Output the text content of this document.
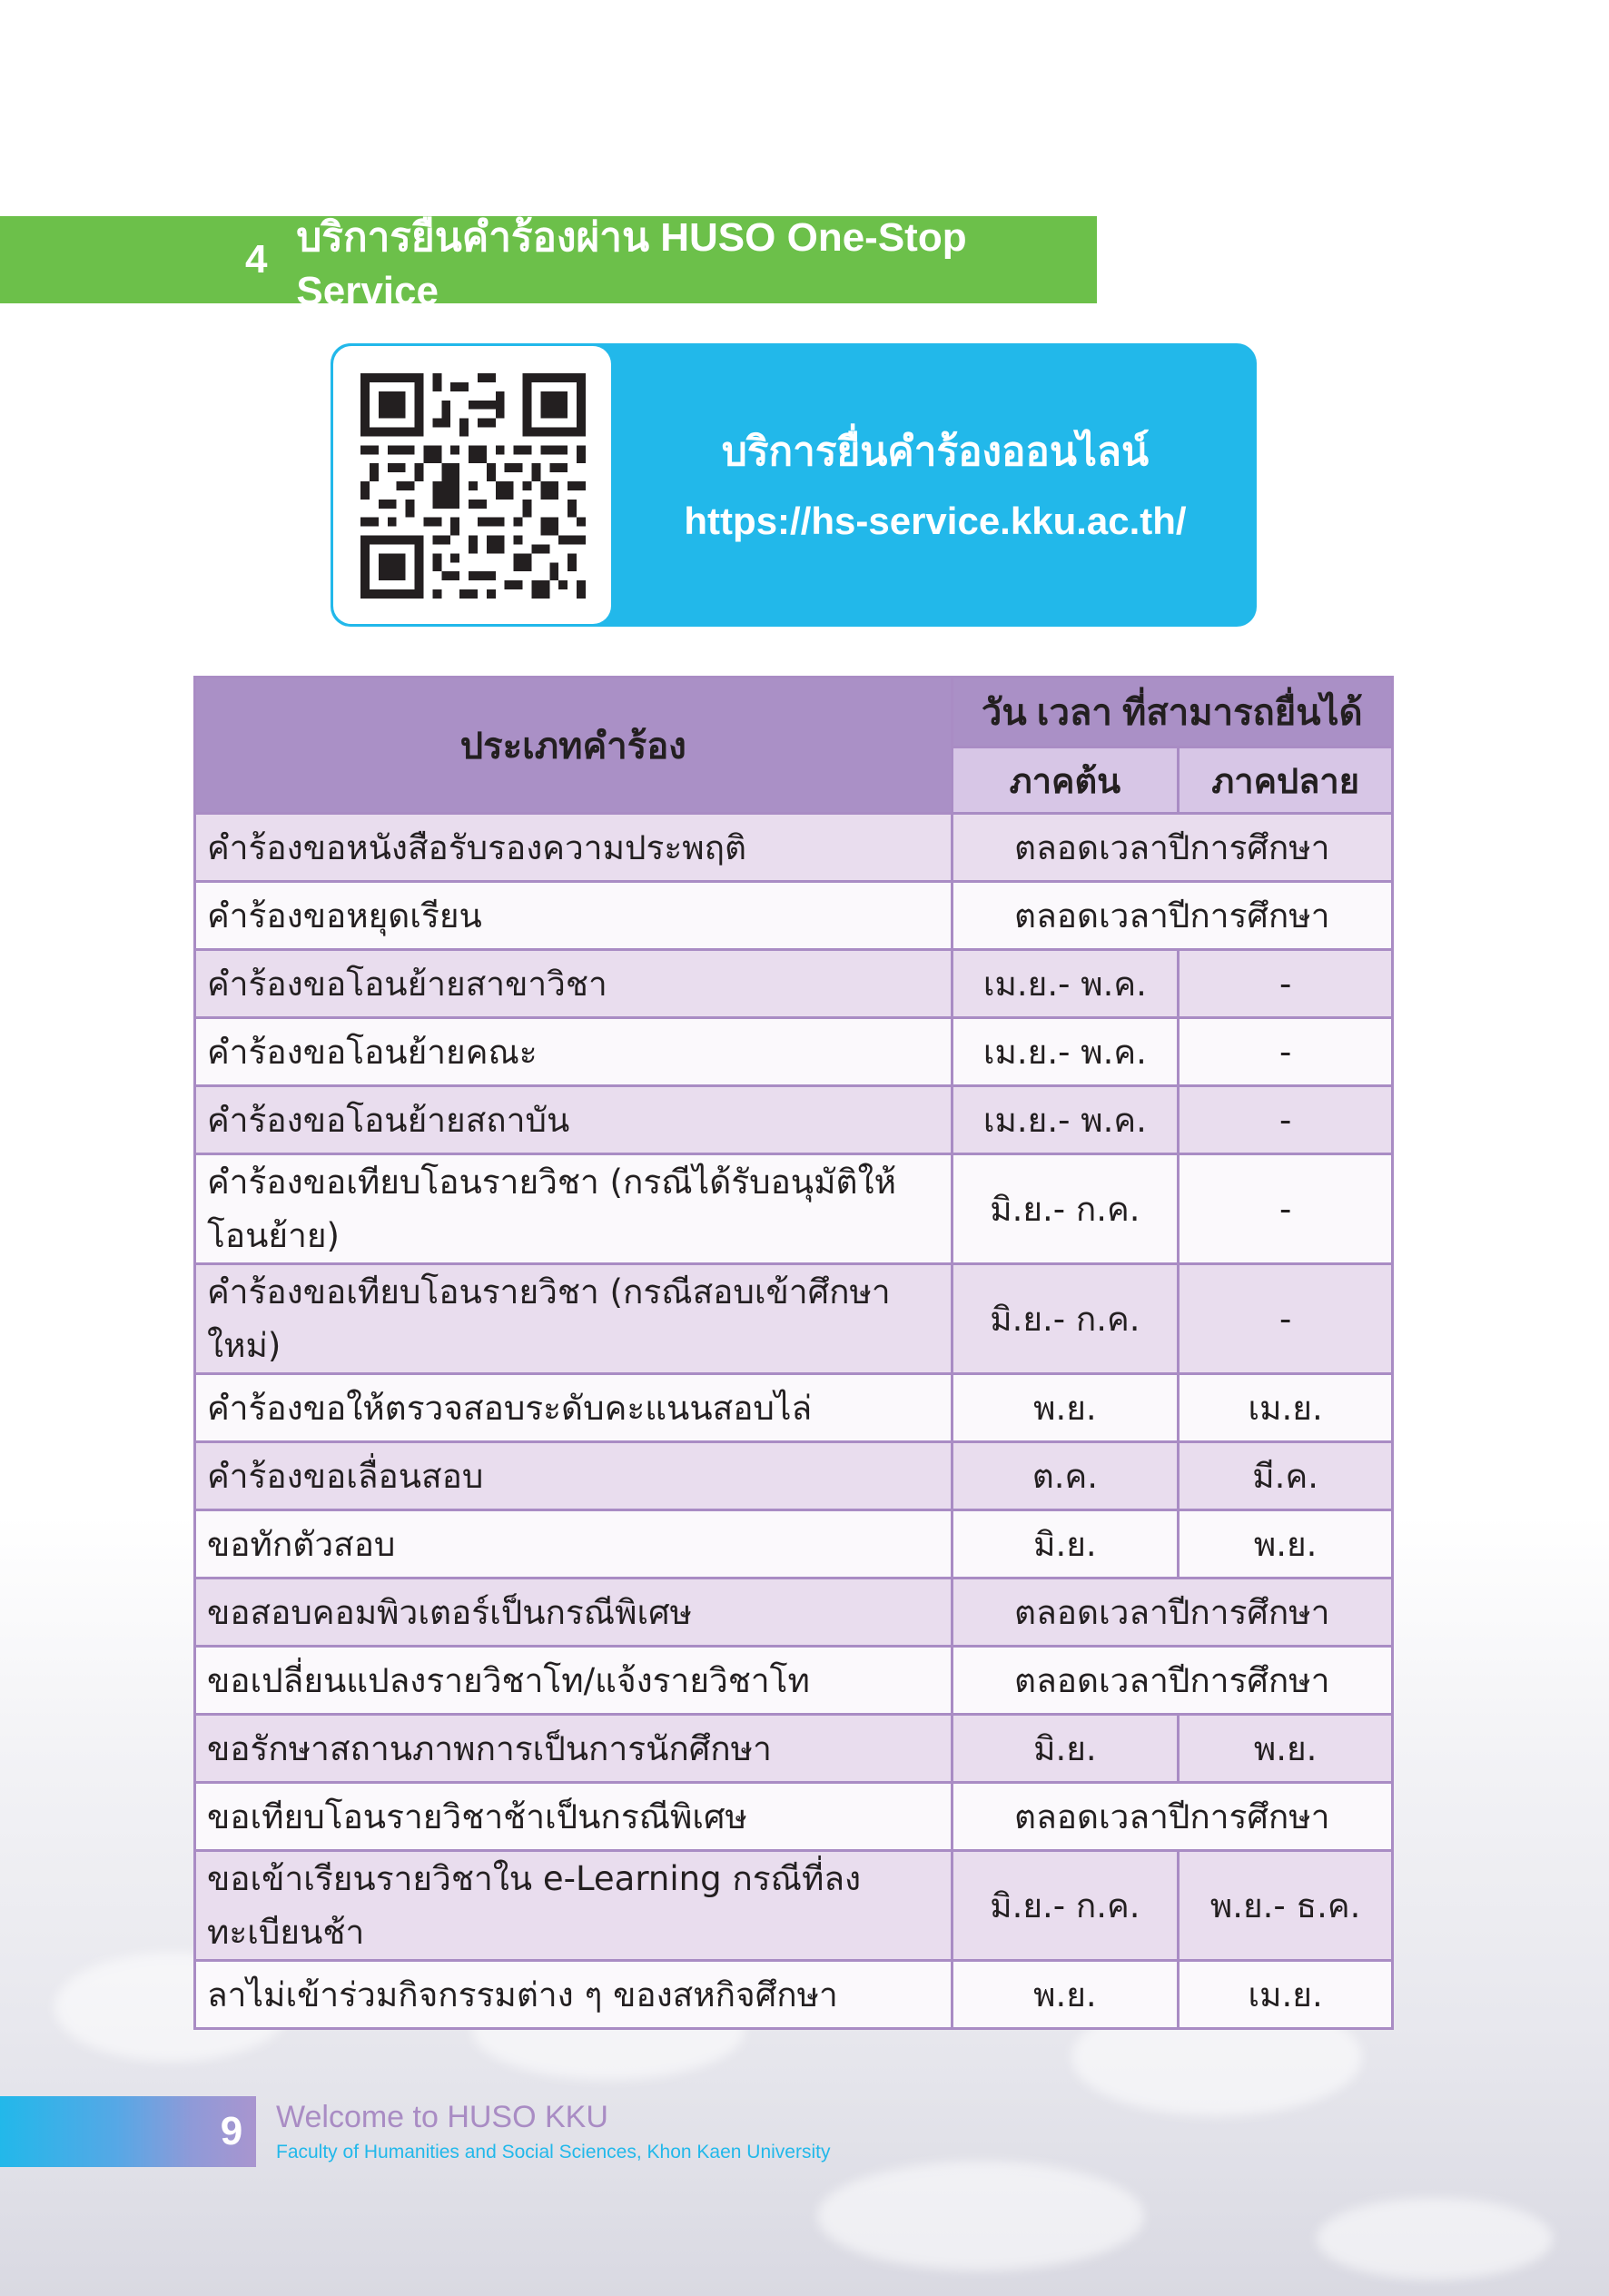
4 บริการยื่นคำร้องผ่าน HUSO One-Stop Service
บริการยื่นคำร้องออนไลน์
https://hs-service.kku.ac.th/
ประเภทคำร้อง	วัน เวลา ที่สามารถยื่นได้	
	ภาคต้น	ภาคปลาย
คำร้องขอหนังสือรับรองความประพฤติ	ตลอดเวลาปีการศึกษา	
คำร้องขอหยุดเรียน	ตลอดเวลาปีการศึกษา	
คำร้องขอโอนย้ายสาขาวิชา	เม.ย.- พ.ค.	-
คำร้องขอโอนย้ายคณะ	เม.ย.- พ.ค.	-
คำร้องขอโอนย้ายสถาบัน	เม.ย.- พ.ค.	-
คำร้องขอเทียบโอนรายวิชา (กรณีได้รับอนุมัติให้โอนย้าย)	มิ.ย.- ก.ค.	-
คำร้องขอเทียบโอนรายวิชา (กรณีสอบเข้าศึกษาใหม่)	มิ.ย.- ก.ค.	-
คำร้องขอให้ตรวจสอบระดับคะแนนสอบไล่	พ.ย.	เม.ย.
คำร้องขอเลื่อนสอบ	ต.ค.	มี.ค.
ขอทักตัวสอบ	มิ.ย.	พ.ย.
ขอสอบคอมพิวเตอร์เป็นกรณีพิเศษ	ตลอดเวลาปีการศึกษา	
ขอเปลี่ยนแปลงรายวิชาโท/แจ้งรายวิชาโท	ตลอดเวลาปีการศึกษา	
ขอรักษาสถานภาพการเป็นการนักศึกษา	มิ.ย.	พ.ย.
ขอเทียบโอนรายวิชาช้าเป็นกรณีพิเศษ	ตลอดเวลาปีการศึกษา	
ขอเข้าเรียนรายวิชาใน e-Learning กรณีที่ลงทะเบียนช้า	มิ.ย.- ก.ค.	พ.ย.- ธ.ค.
ลาไม่เข้าร่วมกิจกรรมต่าง ๆ ของสหกิจศึกษา	พ.ย.	เม.ย.
9	Welcome to HUSO KKU
Faculty of Humanities and Social Sciences, Khon Kaen University
